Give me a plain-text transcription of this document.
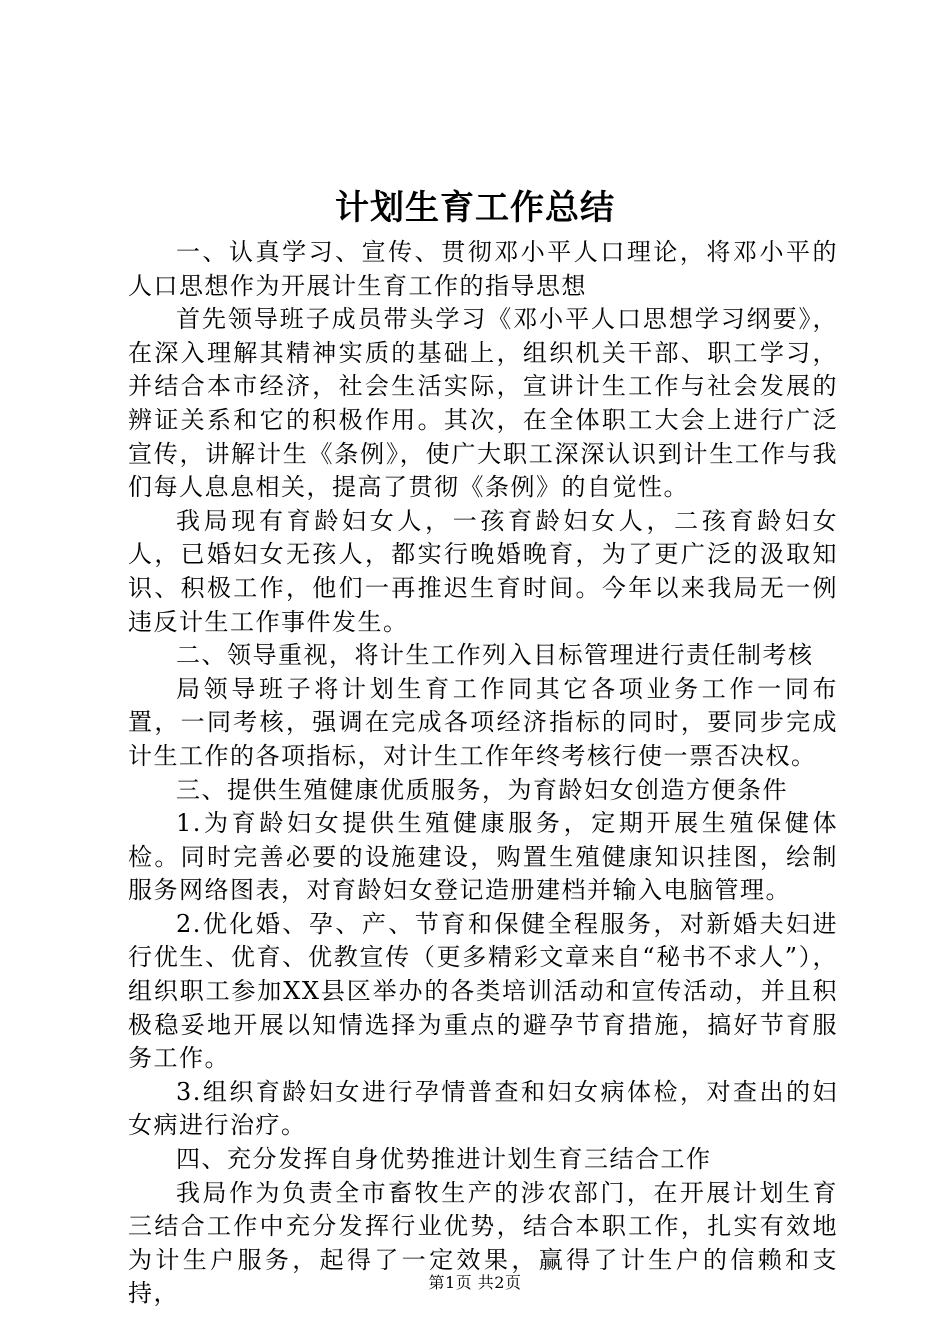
计划生育工作总结

一、认真学习、宣传、贯彻邓小平人口理论，将邓小平的人口思想作为开展计生育工作的指导思想

首先领导班子成员带头学习《邓小平人口思想学习纲要》，在深入理解其精神实质的基础上，组织机关干部、职工学习，并结合本市经济，社会生活实际，宣讲计生工作与社会发展的辨证关系和它的积极作用。其次，在全体职工大会上进行广泛宣传，讲解计生《条例》，使广大职工深深认识到计生工作与我们每人息息相关，提高了贯彻《条例》的自觉性。

我局现有育龄妇女人，一孩育龄妇女人，二孩育龄妇女人，已婚妇女无孩人，都实行晚婚晚育，为了更广泛的汲取知识、积极工作，他们一再推迟生育时间。今年以来我局无一例违反计生工作事件发生。

二、领导重视，将计生工作列入目标管理进行责任制考核

局领导班子将计划生育工作同其它各项业务工作一同布置，一同考核，强调在完成各项经济指标的同时，要同步完成计生工作的各项指标，对计生工作年终考核行使一票否决权。

三、提供生殖健康优质服务，为育龄妇女创造方便条件

1.为育龄妇女提供生殖健康服务，定期开展生殖保健体检。同时完善必要的设施建设，购置生殖健康知识挂图，绘制服务网络图表，对育龄妇女登记造册建档并输入电脑管理。

2.优化婚、孕、产、节育和保健全程服务，对新婚夫妇进行优生、优育、优教宣传（更多精彩文章来自“秘书不求人”），组织职工参加XX县区举办的各类培训活动和宣传活动，并且积极稳妥地开展以知情选择为重点的避孕节育措施，搞好节育服务工作。

3.组织育龄妇女进行孕情普查和妇女病体检，对查出的妇女病进行治疗。

四、充分发挥自身优势推进计划生育三结合工作

我局作为负责全市畜牧生产的涉农部门，在开展计划生育三结合工作中充分发挥行业优势，结合本职工作，扎实有效地为计生户服务，起得了一定效果，赢得了计生户的信赖和支持，	第1页 共2页
